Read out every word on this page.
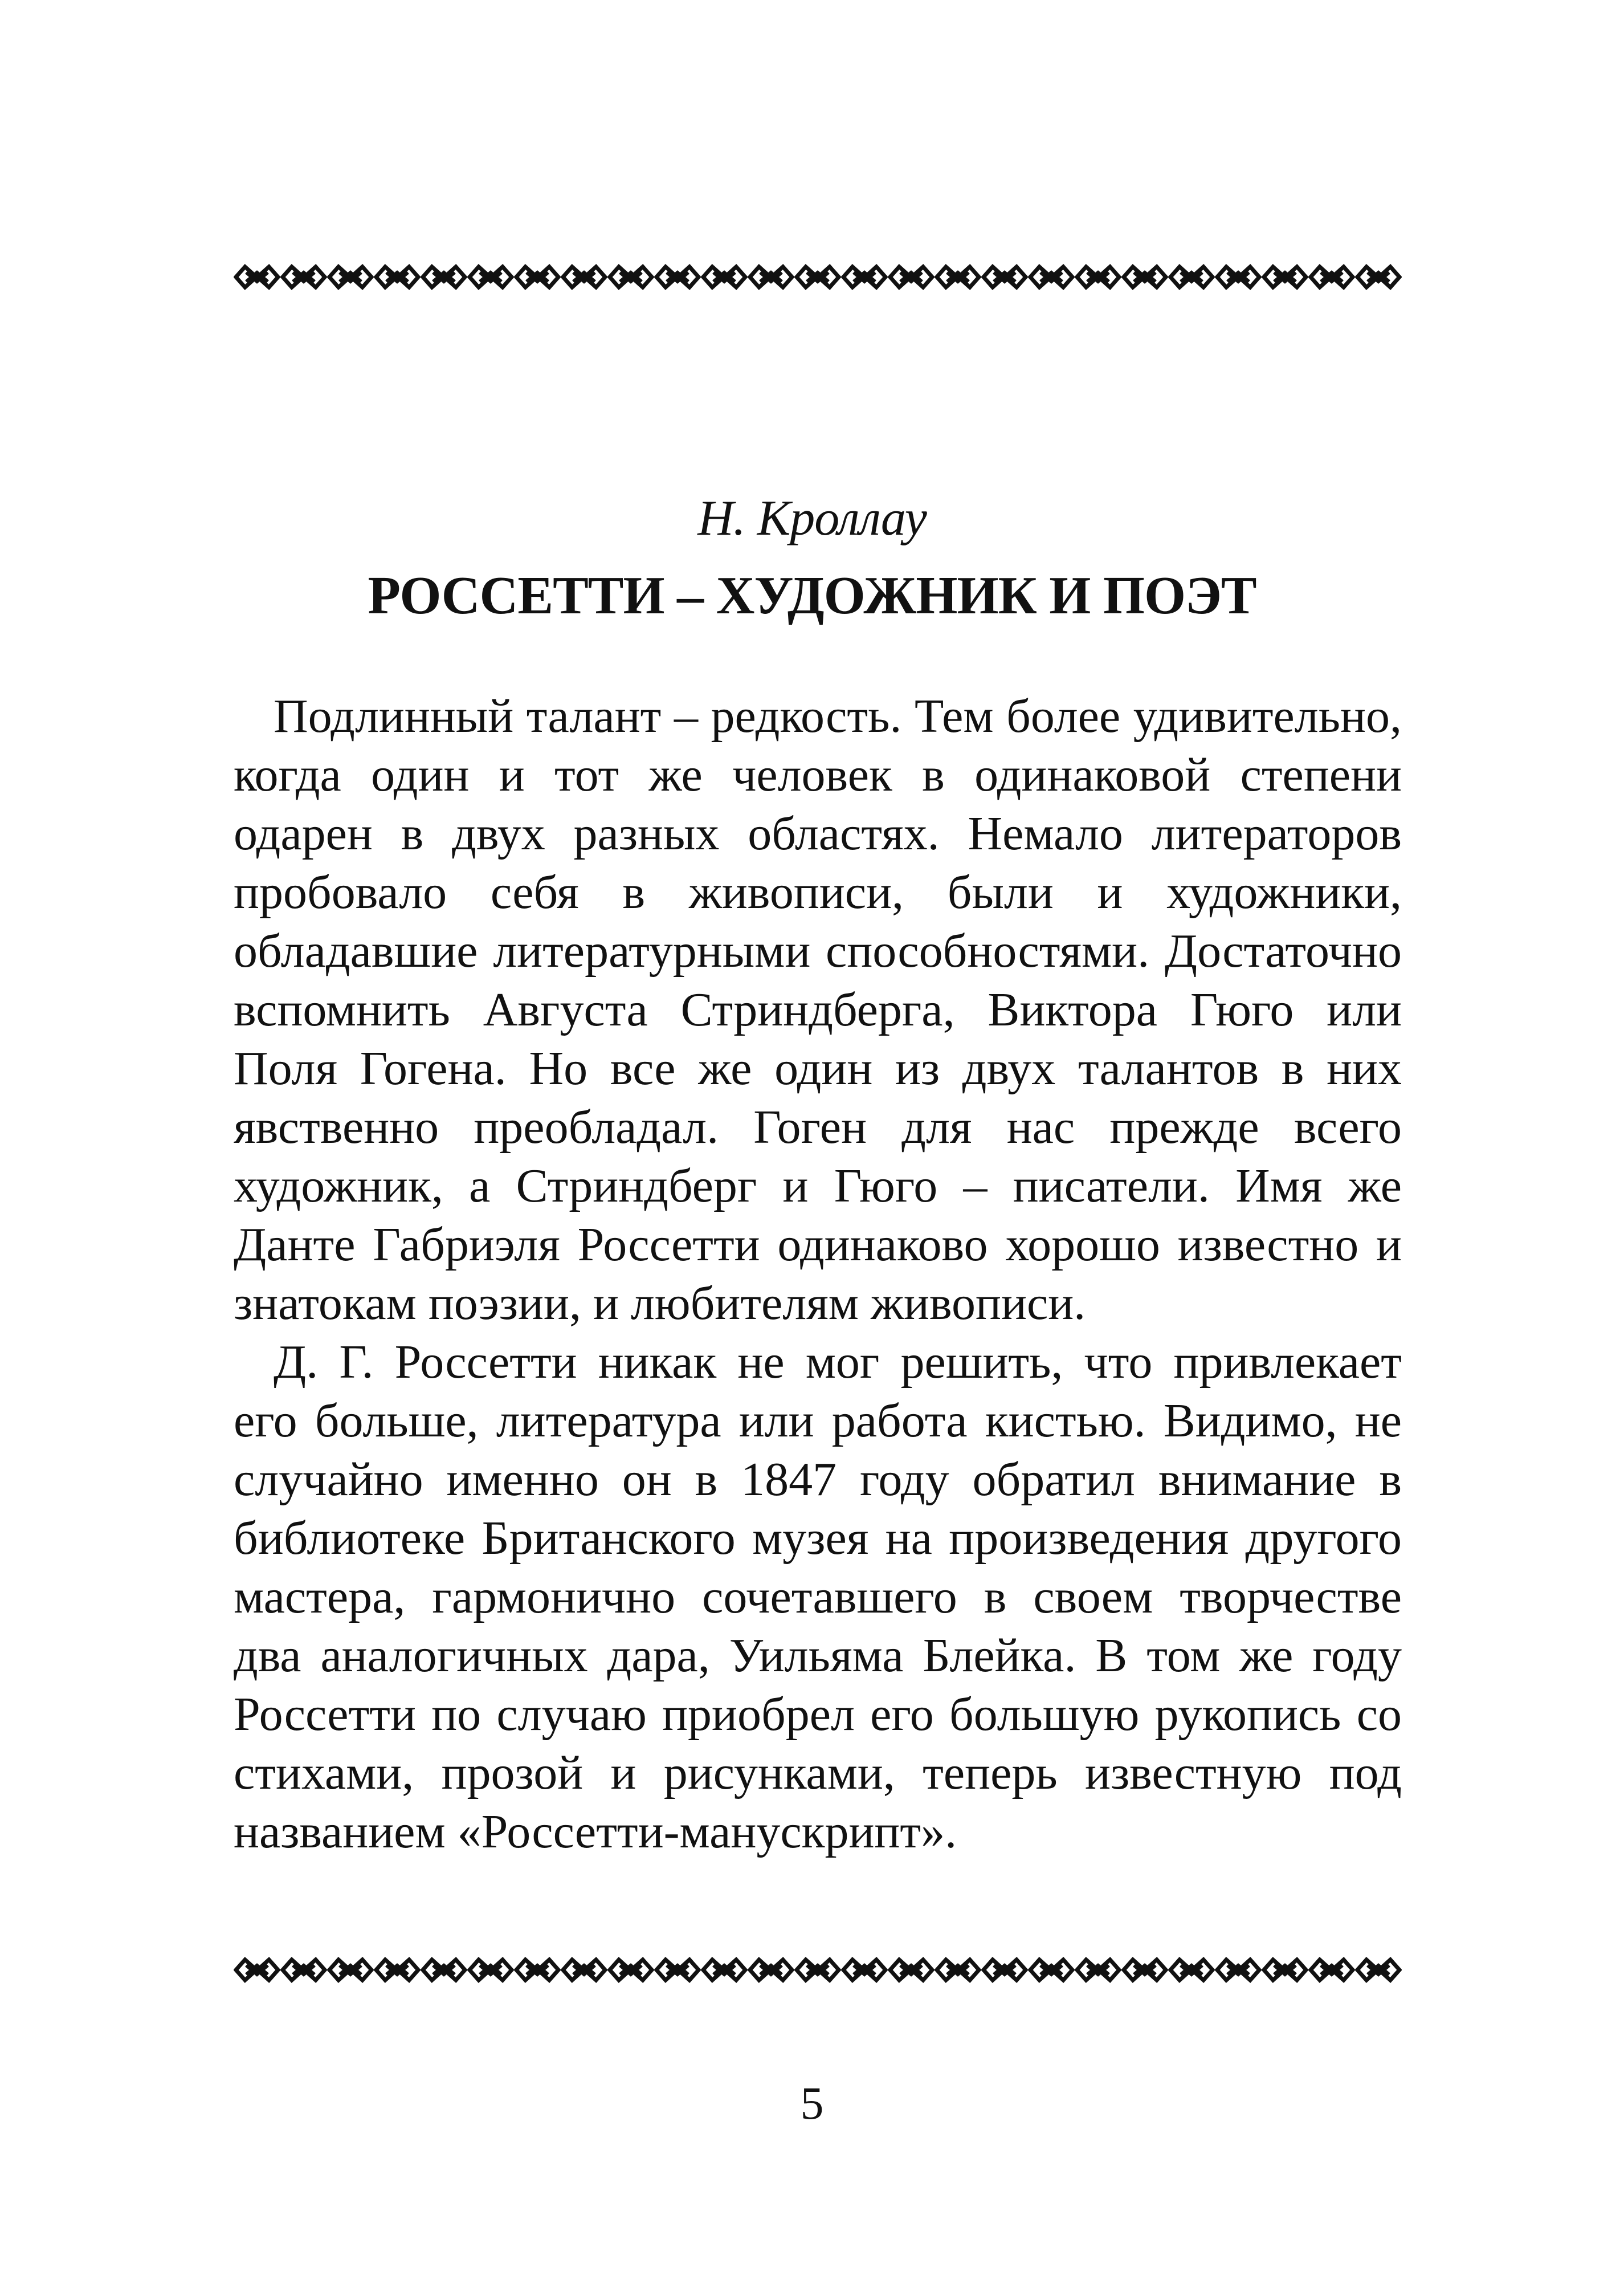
Н. Кроллау
РОССЕТТИ – ХУДОЖНИК И ПОЭТ

Подлинный талант – редкость. Тем более удивительно, когда один и тот же человек в одинаковой степени одарен в двух разных областях. Немало литераторов пробовало себя в живописи, были и художники, обладавшие литературными способностями. Достаточно вспомнить Августа Стриндберга, Виктора Гюго или Поля Гогена. Но все же один из двух талантов в них явственно преобладал. Гоген для нас прежде всего художник, а Стриндберг и Гюго – писатели. Имя же Данте Габриэля Россетти одинаково хорошо известно и знатокам поэзии, и любителям живописи.

Д. Г. Россетти никак не мог решить, что привлекает его больше, литература или работа кистью. Видимо, не случайно именно он в 1847 году обратил внимание в библиотеке Британского музея на произведения другого мастера, гармонично сочетавшего в своем творчестве два аналогичных дара, Уильяма Блейка. В том же году Россетти по случаю приобрел его большую рукопись со стихами, прозой и рисунками, теперь известную под названием «Россетти-манускрипт».

5
